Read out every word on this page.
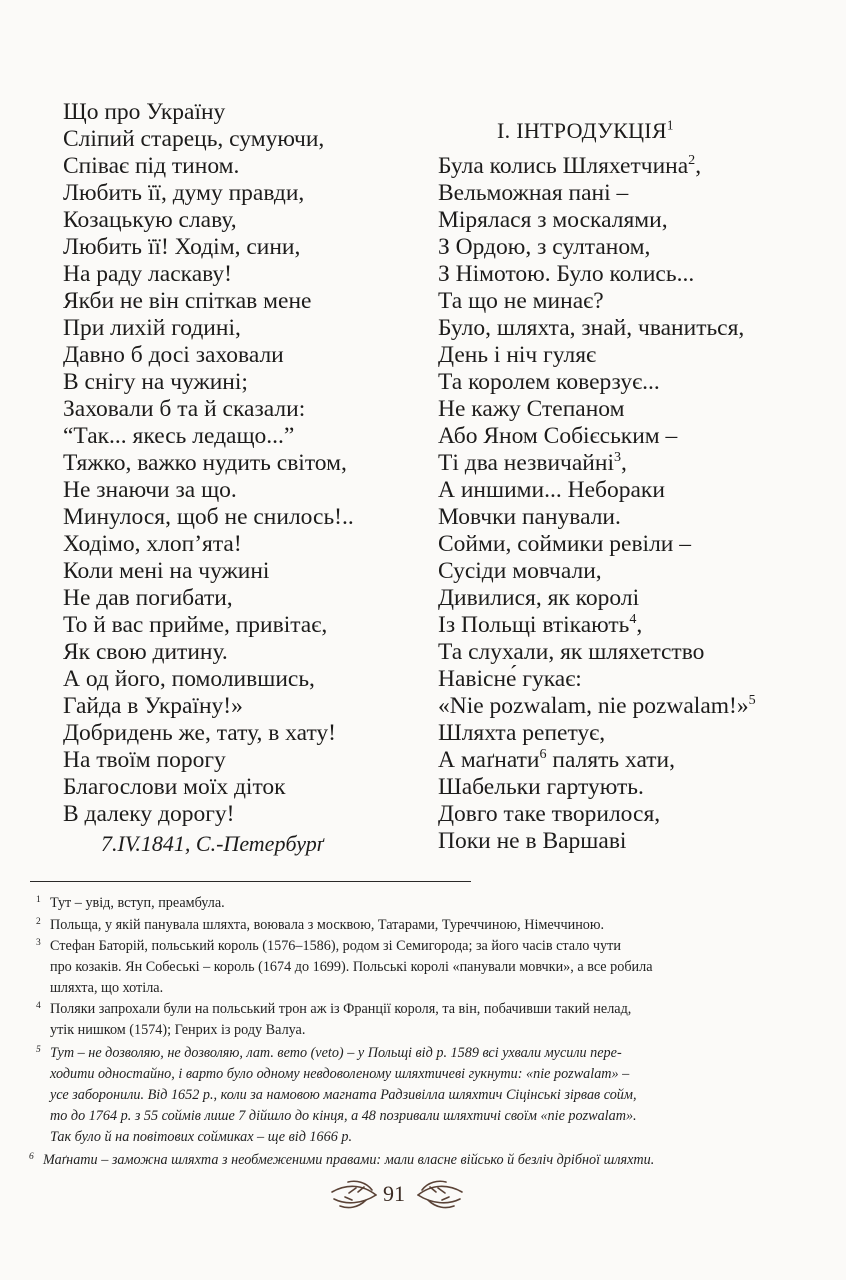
Що про Україну
Сліпий старець, сумуючи,
Співає під тином.
Любить її, думу правди,
Козацькую славу,
Любить її! Ходім, сини,
На раду ласкаву!
Якби не він спіткав мене
При лихій годині,
Давно б досі заховали
В снігу на чужині;
Заховали б та й сказали:
“Так... якесь ледащо...”
Тяжко, важко нудить світом,
Не знаючи за що.
Минулося, щоб не снилось!..
Ходімо, хлоп’ята!
Коли мені на чужині
Не дав погибати,
То й вас прийме, привітає,
Як свою дитину.
А од його, помолившись,
Гайда в Україну!»
Добридень же, тату, в хату!
На твоїм порогу
Благослови моїх діток
В далеку дорогу!
7.IV.1841, С.-Петербурґ
І. ІНТРОДУКЦІЯ$^1$
Була колись Шляхетчина$^2$,
Вельможная пані –
Мірялася з москалями,
З Ордою, з султаном,
З Німотою. Було колись...
Та що не минає?
Було, шляхта, знай, чваниться,
День і ніч гуляє
Та королем коверзує...
Не кажу Степаном
Або Яном Собієським –
Ті два незвичайні$^3$,
А иншими... Небораки
Мовчки панували.
Сойми, соймики ревіли –
Сусіди мовчали,
Дивилися, як королі
Із Польщі втікають$^4$,
Та слухали, як шляхетство
Навісне́ гукає:
«Nie pozwalam, nie pozwalam!»$^5$
Шляхта репетує,
А маґнати$^6$ палять хати,
Шабельки гартують.
Довго таке творилося,
Поки не в Варшаві
1 Тут – увід, вступ, преамбула.
2 Польща, у якій панувала шляхта, воювала з москвою, Татарами, Туреччиною, Німеччиною.
3 Стефан Баторій, польський король (1576–1586), родом зі Семигорода; за його часів стало чути
про козаків. Ян Собеські – король (1674 до 1699). Польські королі «панували мовчки», а все робила
шляхта, що хотіла.
4 Поляки запрохали були на польський трон аж із Франції короля, та він, побачивши такий нелад,
утік нишком (1574); Генрих із роду Валуа.
5 Тут – не дозволяю, не дозволяю, лат. вето (veto) – у Польщі від р. 1589 всі ухвали мусили пере-
ходити одностайно, і варто було одному невдоволеному шляхтичеві гукнути: «nie pozwalam» –
усе заборонили. Від 1652 р., коли за намовою магната Радзивілла шляхтич Сіцінські зірвав сойм,
то до 1764 р. з 55 соймів лише 7 дійшло до кінця, а 48 позривали шляхтичі своїм «nie pozwalam».
Так було й на повітових соймиках – ще від 1666 р.
6 Маґнати – заможна шляхта з необмеженими правами: мали власне військо й безліч дрібної шляхти.
91
